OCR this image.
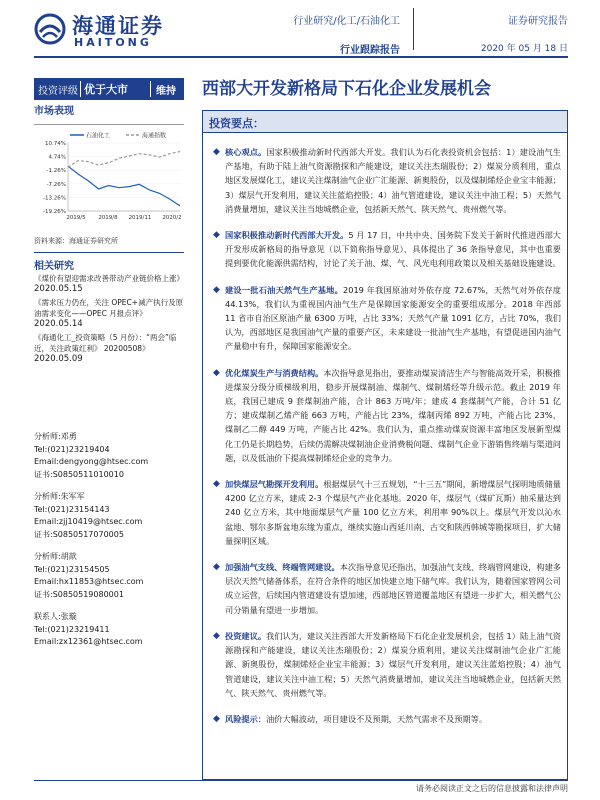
海通证券
HAITONG
行业研究/化工/石油化工
行业跟踪报告
证券研究报告
2020 年 05 月 18 日
投资评级 优于大市	维持 西部大开发新格局下石化企业发展机会
市场表现
石油化工	海通指数
10.74%
4.74%
-1.26%
-7.26%
-13.26%
-19.26%
2019/5 2019/8 2019/11 2020/2
资料来源：海通证券研究所
相关研究
《煤价有望迎需求改善带动产业链价格上涨》
2020.05.15
《需求压力仍在，关注 OPEC+减产执行及原油需求变化——OPEC 月报点评》
2020.05.14
《海通化工_投资策略（5 月份）：“两会”临近，关注政策红利》 20200508》
2020.05.09
分析师:邓勇
Tel:(021)23219404
Email:dengyong@htsec.com
证书:S0850511010010
分析师:朱军军
Tel:(021)23154143
Email:zjj10419@htsec.com
证书:S0850517070005
分析师:胡歆
Tel:(021)23154505
Email:hx11853@htsec.com
证书:S0850519080001
联系人:张璇
Tel:(021)23219411
Email:zx12361@htsec.com
投资要点：
◆ 核心观点。国家积极推动新时代西部大开发。我们认为石化表投资机会包括：1）建设油气生产基地，有助于陆上油气资源勘探和产能建设，建议关注杰瑞股份；2）煤炭分质利用，重点地区发展煤化工，建议关注煤制油气企业广汇能源、新奥股份，以及煤制烯烃企业宝丰能源；3）煤层气开发利用，建议关注蓝焰控股；4）油气管道建设，建议关注中油工程；5）天然气消费量增加，建议关注当地城燃企业，包括新天然气、陕天然气、贵州燃气等。
◆ 国家积极推动新时代西部大开发。5 月 17 日，中共中央、国务院下发关于新时代推进西部大开发形成新格局的指导意见（以下简称指导意见），具体提出了 36 条指导意见，其中也重要提到要优化能源供需结构，讨论了关于油、煤、气、风光电利用政策以及相关基础设施建设。
◆ 建设一批石油天然气生产基地。2019 年我国原油对外依存度 72.67%，天然气对外依存度 44.13%，我们认为重视国内油气生产是保障国家能源安全的重要组成部分。2018 年西部 11 省市自治区原油产量 6300 万吨，占比 33%；天然气产量 1091 亿方，占比 70%，我们认为，西部地区是我国油气产量的重要产区，未来建设一批油气生产基地，有望促进国内油气产量稳中有升，保障国家能源安全。
◆ 优化煤炭生产与消费结构。本次指导意见指出，要推动煤炭清洁生产与智能高效开采，积极推进煤炭分级分质梯级利用，稳步开展煤制油、煤制气、煤制烯烃等升级示范。截止 2019 年底，我国已建成 9 套煤制油产能，合计 863 万吨/年；建成 4 套煤制气产能，合计 51 亿方；建成煤制乙烯产能 663 万吨，产能占比 23%，煤制丙烯 892 万吨，产能占比 23%，煤制乙二醇 449 万吨，产能占比 42%。我们认为，重点推动煤炭资源丰富地区发展新型煤化工仍是长期趋势，后续仍需解决煤制油企业消费税问题、煤制气企业下游销售终端与渠道问题，以及低油价下提高煤制烯烃企业的竞争力。
◆ 加快煤层气勘探开发利用。根据煤层气十三五规划，“十三五”期间，新增煤层气探明地质储量 4200 亿立方米，建成 2-3 个煤层气产业化基地。2020 年，煤层气（煤矿瓦斯）抽采量达到 240 亿立方米，其中地面煤层气产量 100 亿立方米，利用率 90%以上。煤层气开发以沁水盆地、鄂尔多斯盆地东缘为重点，继续实施山西延川南、古交和陕西韩城等勘探项目，扩大储量探明区域。
◆ 加强油气支线、终端管网建设。本次指导意见还指出，加强油气支线、终端管网建设，构建多层次天然气储备体系，在符合条件的地区加快建立地下储气库。我们认为，随着国家管网公司成立运营，后续国内管道建设有望加速，西部地区管道覆盖地区有望进一步扩大，相关燃气公司分销量有望进一步增加。
◆ 投资建议。我们认为，建议关注西部大开发新格局下石化企业发展机会，包括 1）陆上油气资源勘探和产能建设，建议关注杰瑞股份；2）煤炭分质利用，建议关注煤制油气企业广汇能源、新奥股份，煤制烯烃企业宝丰能源；3）煤层气开发利用，建议关注蓝焰控股；4）油气管道建设，建议关注中油工程；5）天然气消费量增加，建议关注当地城燃企业，包括新天然气、陕天然气、贵州燃气等。
◆ 风险提示：油价大幅波动，项目建设不及预期，天然气需求不及预期等。
请务必阅读正文之后的信息披露和法律声明
